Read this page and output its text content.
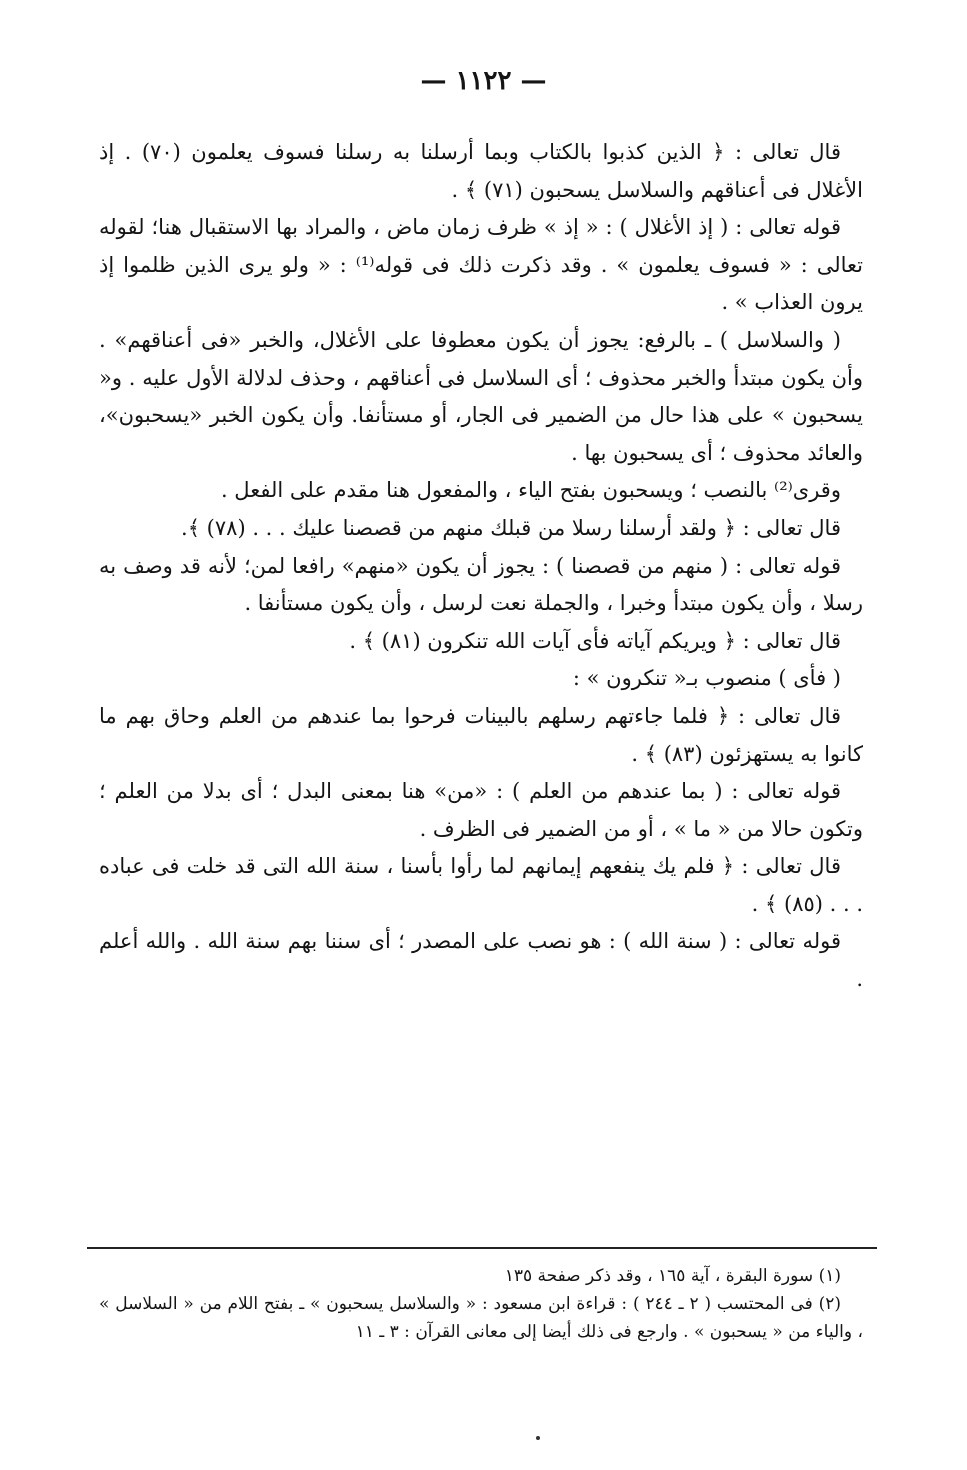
— ١١٢٢ —

قال تعالى : ﴿ الذين كذبوا بالكتاب وبما أرسلنا به رسلنا فسوف يعلمون (٧٠) . إذ الأغلال فى أعناقهم والسلاسل يسحبون (٧١) ﴾ .

قوله تعالى : ( إذ الأغلال ) : « إذ » ظرف زمان ماض ، والمراد بها الاستقبال هنا؛ لقوله تعالى : « فسوف يعلمون » . وقد ذكرت ذلك فى قوله⁽¹⁾ : « ولو يرى الذين ظلموا إذ يرون العذاب » .

( والسلاسل ) ـ بالرفع: يجوز أن يكون معطوفا على الأغلال، والخبر «فى أعناقهم» . وأن يكون مبتدأ والخبر محذوف ؛ أى السلاسل فى أعناقهم ، وحذف لدلالة الأول عليه . و« يسحبون » على هذا حال من الضمير فى الجار، أو مستأنفا. وأن يكون الخبر «يسحبون»، والعائد محذوف ؛ أى يسحبون بها .

وقرى⁽²⁾ بالنصب ؛ ويسحبون بفتح الياء ، والمفعول هنا مقدم على الفعل .

قال تعالى : ﴿ ولقد أرسلنا رسلا من قبلك منهم من قصصنا عليك . . . (٧٨) ﴾.

قوله تعالى : ( منهم من قصصنا ) : يجوز أن يكون «منهم» رافعا لمن؛ لأنه قد وصف به رسلا ، وأن يكون مبتدأ وخبرا ، والجملة نعت لرسل ، وأن يكون مستأنفا .

قال تعالى : ﴿ ويريكم آياته فأى آيات الله تنكرون (٨١) ﴾ .

( فأى ) منصوب بـ« تنكرون » :

قال تعالى : ﴿ فلما جاءتهم رسلهم بالبينات فرحوا بما عندهم من العلم وحاق بهم ما كانوا به يستهزئون (٨٣) ﴾ .

قوله تعالى : ( بما عندهم من العلم ) : «من» هنا بمعنى البدل ؛ أى بدلا من العلم ؛ وتكون حالا من « ما » ، أو من الضمير فى الظرف .

قال تعالى : ﴿ فلم يك ينفعهم إيمانهم لما رأوا بأسنا ، سنة الله التى قد خلت فى عباده . . . (٨٥) ﴾ .

قوله تعالى : ( سنة الله ) : هو نصب على المصدر ؛ أى سننا بهم سنة الله . والله أعلم .

(١) سورة البقرة ، آية ١٦٥ ، وقد ذكر صفحة ١٣٥

(٢) فى المحتسب ( ٢ ـ ٢٤٤ ) : قراءة ابن مسعود : « والسلاسل يسحبون » ـ بفتح اللام من « السلاسل » ، والياء من « يسحبون » . وارجع فى ذلك أيضا إلى معانى القرآن : ٣ ـ ١١
